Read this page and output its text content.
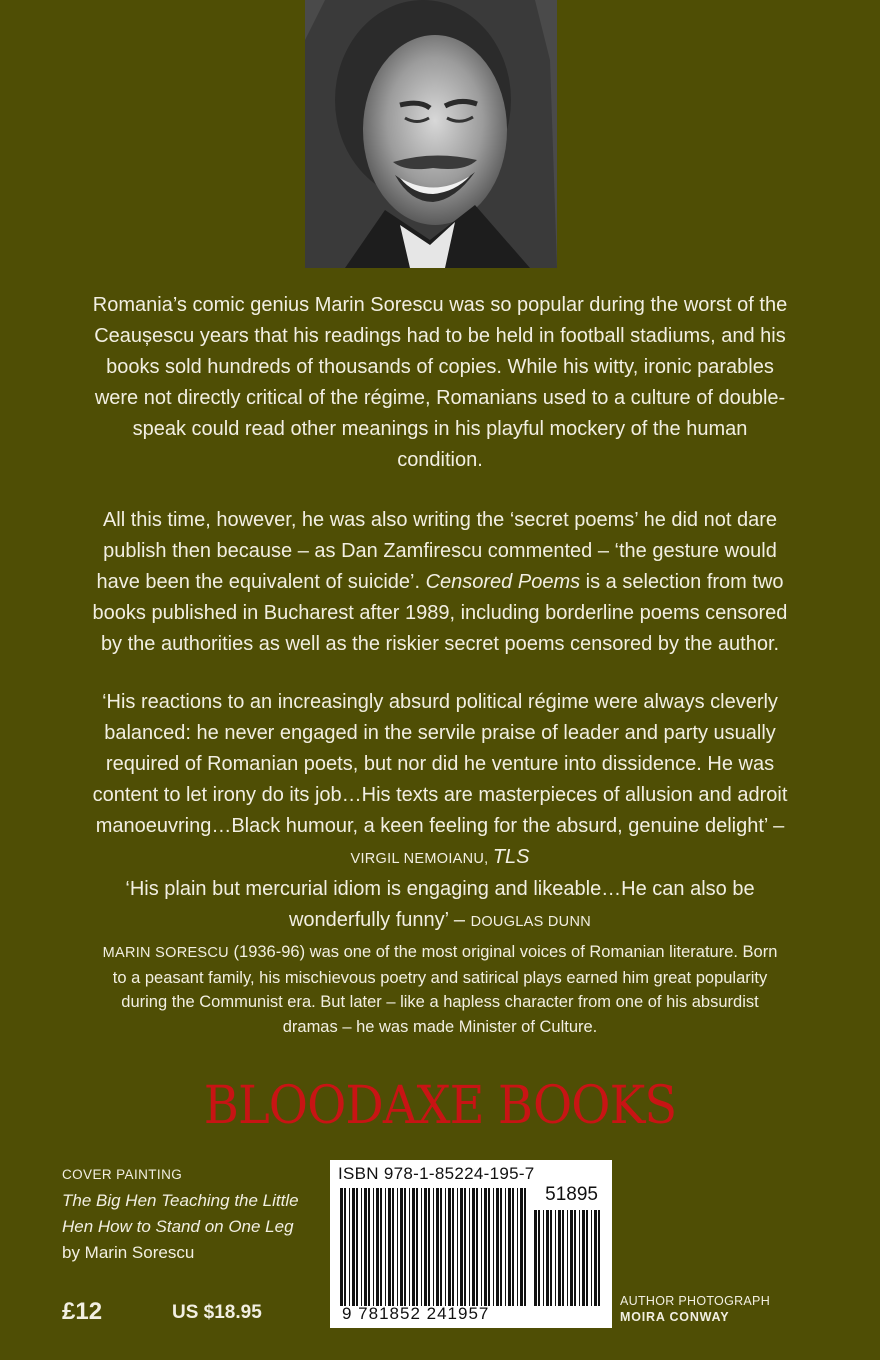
Romania’s comic genius Marin Sorescu was so popular during the worst of the Ceaușescu years that his readings had to be held in football stadiums, and his books sold hundreds of thousands of copies. While his witty, ironic parables were not directly critical of the régime, Romanians used to a culture of double-speak could read other meanings in his playful mockery of the human condition.

All this time, however, he was also writing the ‘secret poems’ he did not dare publish then because – as Dan Zamfirescu commented – ‘the gesture would have been the equivalent of suicide’. Censored Poems is a selection from two books published in Bucharest after 1989, including borderline poems censored by the authorities as well as the riskier secret poems censored by the author.

‘His reactions to an increasingly absurd political régime were always cleverly balanced: he never engaged in the servile praise of leader and party usually required of Romanian poets, but nor did he venture into dissidence. He was content to let irony do its job…His texts are masterpieces of allusion and adroit manoeuvring…Black humour, a keen feeling for the absurd, genuine delight’ – VIRGIL NEMOIANU, TLS

‘His plain but mercurial idiom is engaging and likeable…He can also be wonderfully funny’ – DOUGLAS DUNN

MARIN SORESCU (1936-96) was one of the most original voices of Romanian literature. Born to a peasant family, his mischievous poetry and satirical plays earned him great popularity during the Communist era. But later – like a hapless character from one of his absurdist dramas – he was made Minister of Culture.

BLOODAXE BOOKS
COVER PAINTING
The Big Hen Teaching the Little Hen How to Stand on One Leg
by Marin Sorescu
£12	US $18.95
ISBN 978-1-85224-195-7
51895
9 781852 241957
AUTHOR PHOTOGRAPH
MOIRA CONWAY
